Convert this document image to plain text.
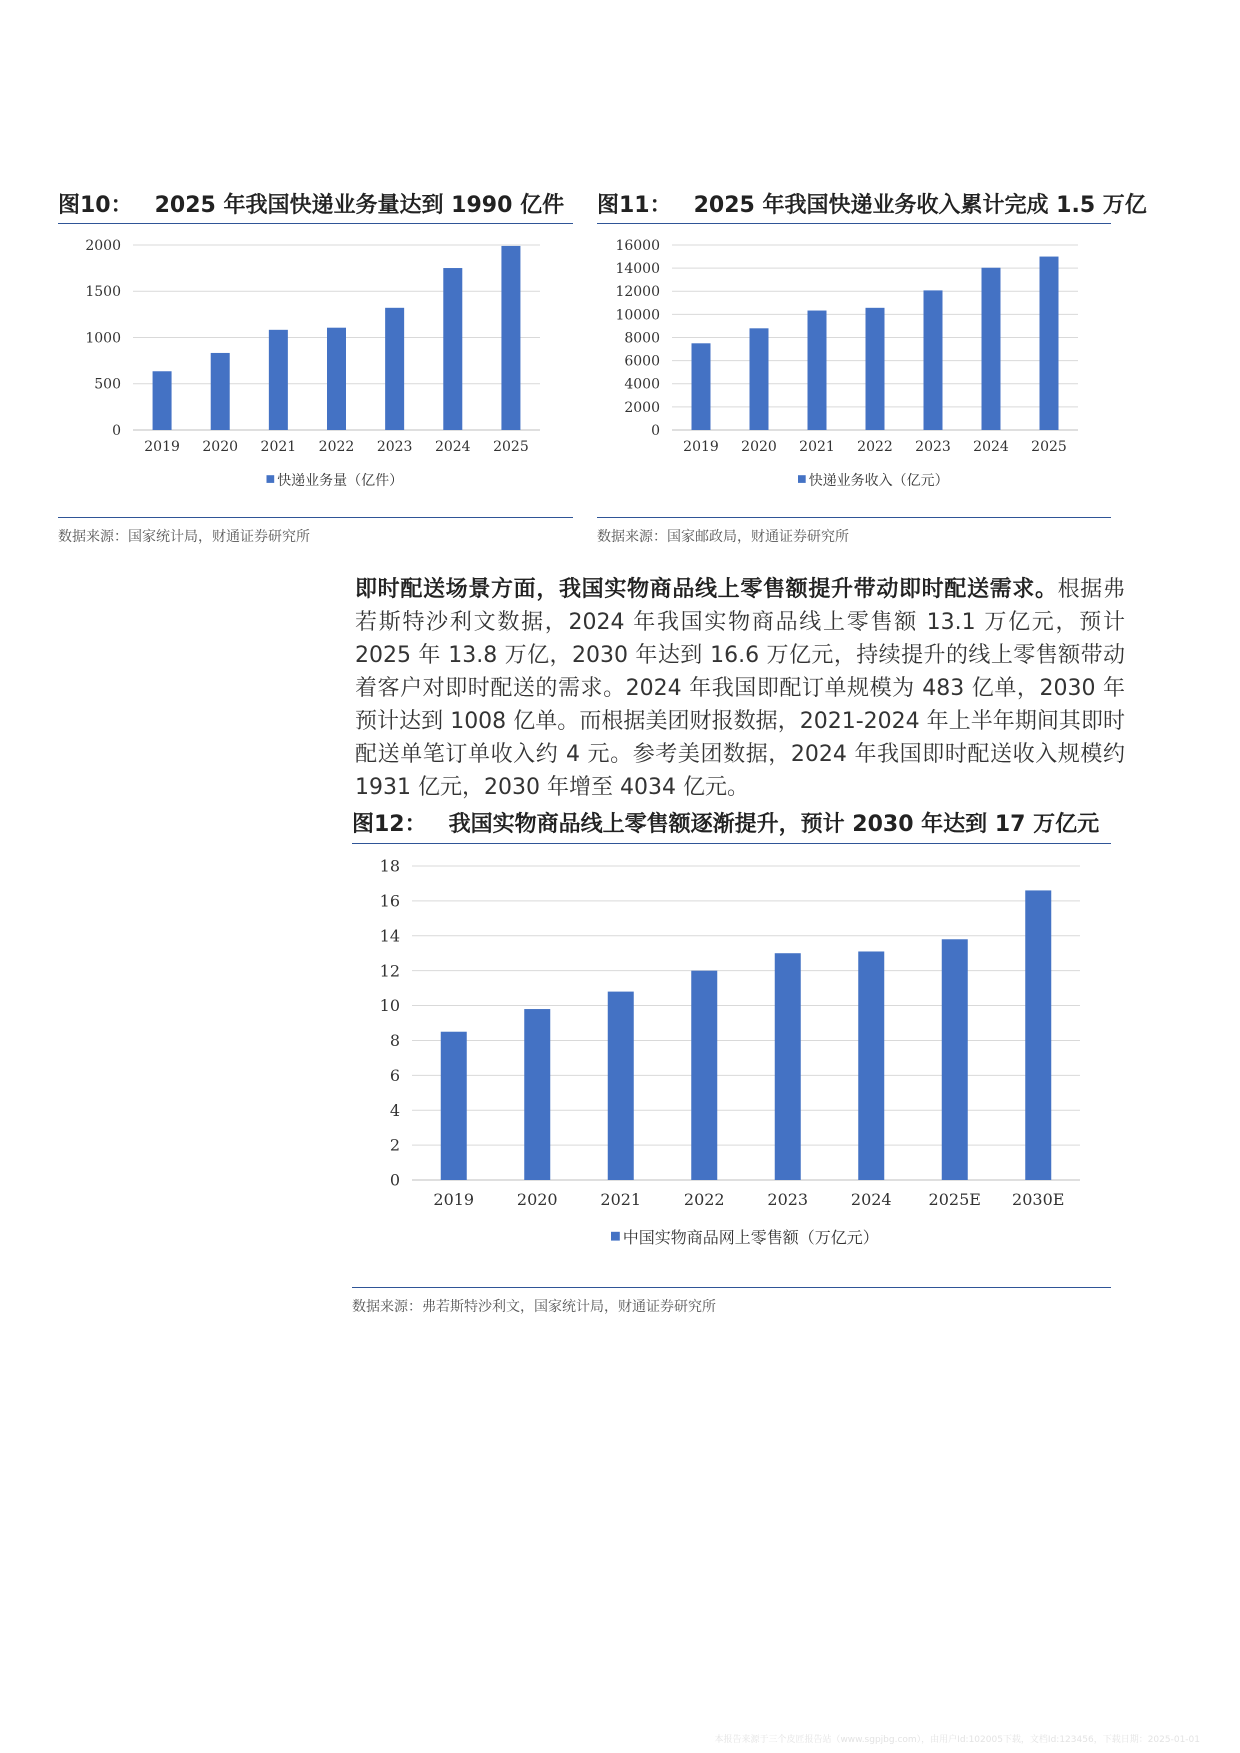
图10： 2025 年我国快递业务量达到 1990 亿件
0
500
1000
1500
2000
2019 2020 2021 2022 2023 2024 2025
快递业务量（亿件）
数据来源：国家统计局，财通证券研究所
图11： 2025 年我国快递业务收入累计完成 1.5 万亿
0
2000
4000
6000
8000
10000
12000
14000
16000
2019 2020 2021 2022 2023 2024 2025
快递业务收入（亿元）
数据来源：国家邮政局，财通证券研究所
即时配送场景方面，我国实物商品线上零售额提升带动即时配送需求。根据弗若斯特沙利文数据，2024 年我国实物商品线上零售额 13.1 万亿元，预计 2025 年 13.8 万亿，2030 年达到 16.6 万亿元，持续提升的线上零售额带动着客户对即时配送的需求。2024 年我国即配订单规模为 483 亿单，2030 年预计达到 1008 亿单。而根据美团财报数据，2021-2024 年上半年期间其即时配送单笔订单收入约 4 元。参考美团数据，2024 年我国即时配送收入规模约 1931 亿元，2030 年增至 4034 亿元。
图12： 我国实物商品线上零售额逐渐提升，预计 2030 年达到 17 万亿元
0
2
4
6
8
10
12
14
16
18
2019	2020	2021	2022	2023	2024 2025E 2030E
中国实物商品网上零售额（万亿元）
数据来源：弗若斯特沙利文，国家统计局，财通证券研究所
本报告来源于三个皮匠报告站（www.sgpjbg.com），由用户Id:102005下载，文档Id:123456，下载日期：2025-01-01
